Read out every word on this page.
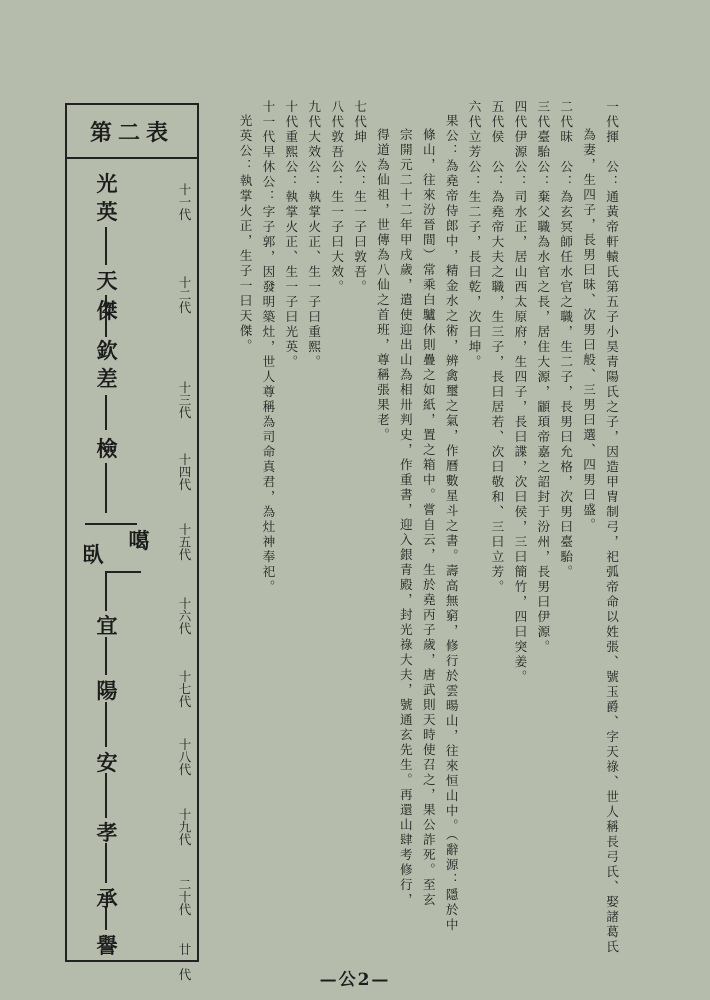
一代揮　公：通黃帝軒轅氏第五子小昊青陽氏之子，因造甲冑制弓，祀弧帝命以姓張、號玉爵、字天祿、世人稱長弓氏、娶諸葛氏
為妻，生四子，長男曰昧、次男曰般、三男曰選、四男曰盛。
二代昧　公：為玄冥師任水官之職，生二子，長男曰允格，次男曰臺駘。
三代臺駘公：棄父職為水官之長，居住大源，顓頊帝嘉之詔封于汾州，長男曰伊源。
四代伊源公：司水正，居山西太原府，生四子，長曰諜，次曰侯，三曰簡竹，四曰突姜。
五代侯　公：為堯帝大夫之職，生三子，長曰居若、次曰敬和、三曰立芳。
六代立芳公：生二子，長曰乾，次曰坤。
果公：為堯帝侍郎中，精金水之術，辨禽璽之氣，作曆數星斗之書。壽高無窮，修行於雲暘山，往來恒山中。（辭源：隱於中
條山，往來汾晉間）常乘白驢休則疊之如紙，置之箱中。嘗自云，生於堯丙子歲，唐武則天時使召之，果公詐死。至玄
宗開元二十二年甲戌歲，遣使迎出山為相卅判史，作重書，迎入銀青殿，封光祿大夫，號通玄先生。再還山肆考修行，
得道為仙祖，世傳為八仙之首班，尊稱張果老。
七代坤　公：生一子曰敦吾。
八代敦吾公：生一子曰大效。
九代大效公：執掌火正、生一子曰重熙。
十代重熙公：執掌火正、生一子曰光英。
十一代早休公：字子郭，因發明築灶，世人尊稱為司命真君，為灶神奉祀。
光英公：執掌火正，生子一曰天傑。
第二表
光英
天傑
欽差
檢
噶
臥
宜
陽
安
孝
承
譽
十一代
十二代
十三代
十四代
十五代
十六代
十七代
十八代
十九代
二十代
廿一代	—公2—
